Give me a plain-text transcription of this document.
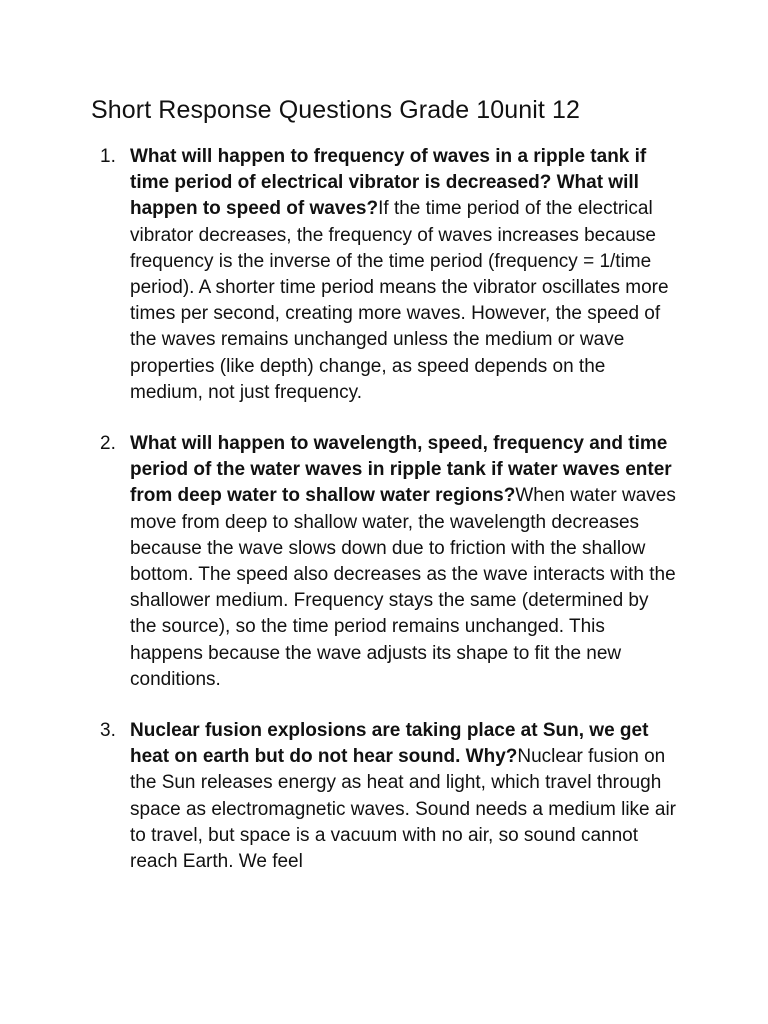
Short Response Questions Grade 10unit 12
1. What will happen to frequency of waves in a ripple tank if time period of electrical vibrator is decreased? What will happen to speed of waves?If the time period of the electrical vibrator decreases, the frequency of waves increases because frequency is the inverse of the time period (frequency = 1/time period). A shorter time period means the vibrator oscillates more times per second, creating more waves. However, the speed of the waves remains unchanged unless the medium or wave properties (like depth) change, as speed depends on the medium, not just frequency.
2. What will happen to wavelength, speed, frequency and time period of the water waves in ripple tank if water waves enter from deep water to shallow water regions?When water waves move from deep to shallow water, the wavelength decreases because the wave slows down due to friction with the shallow bottom. The speed also decreases as the wave interacts with the shallower medium. Frequency stays the same (determined by the source), so the time period remains unchanged. This happens because the wave adjusts its shape to fit the new conditions.
3. Nuclear fusion explosions are taking place at Sun, we get heat on earth but do not hear sound. Why?Nuclear fusion on the Sun releases energy as heat and light, which travel through space as electromagnetic waves. Sound needs a medium like air to travel, but space is a vacuum with no air, so sound cannot reach Earth. We feel
